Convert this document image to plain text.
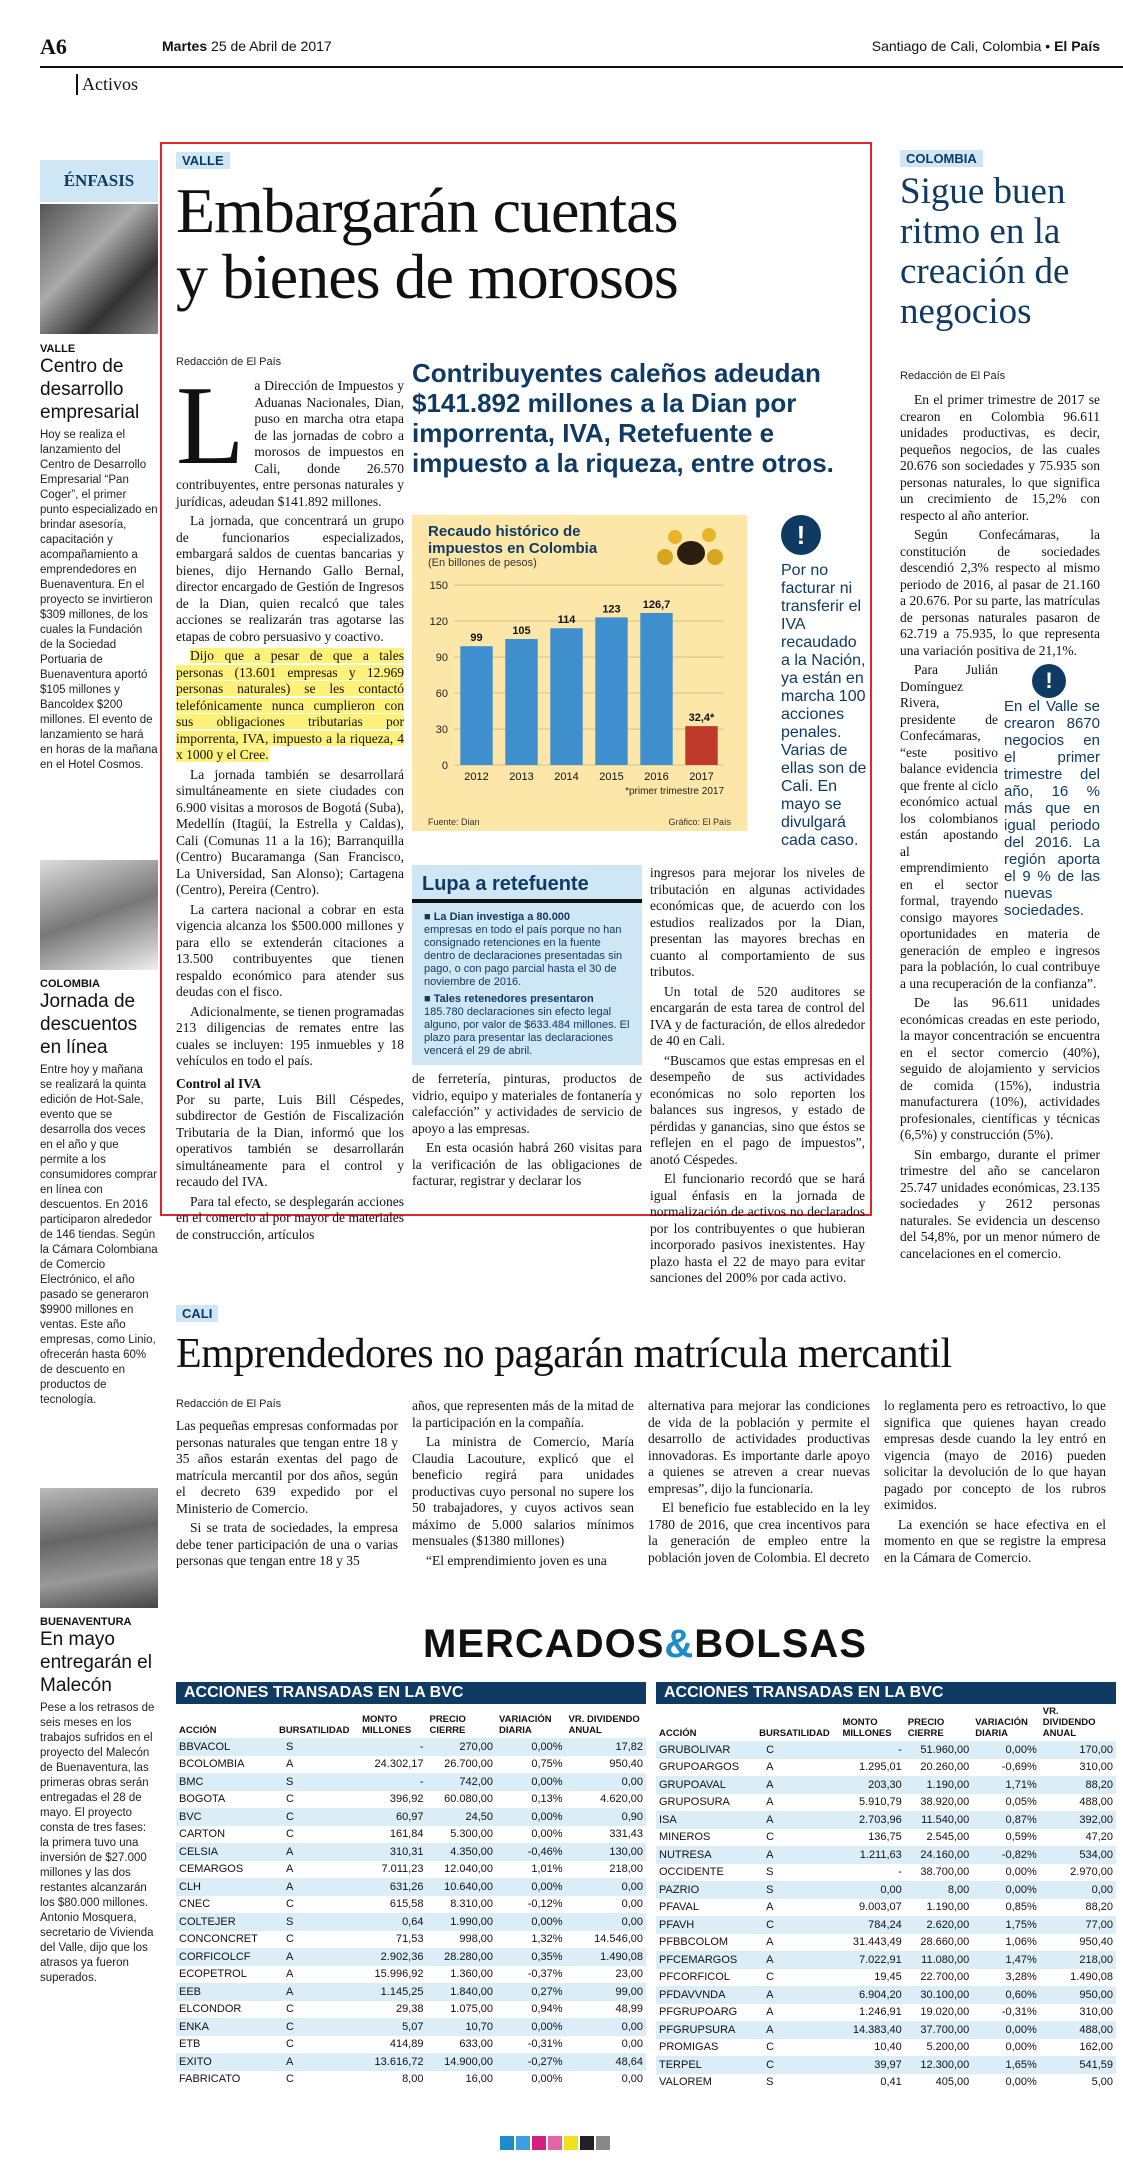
A6	Martes 25 de Abril de 2017	Santiago de Cali, Colombia • El País
Activos
ÉNFASIS
VALLE
Centro de desarrollo empresarial
Hoy se realiza el lanzamiento del Centro de Desarrollo Empresarial “Pan Coger”, el primer punto especializado en brindar asesoría, capacitación y acompañamiento a emprendedores en Buenaventura. En el proyecto se invirtieron $309 millones, de los cuales la Fundación de la Sociedad Portuaria de Buenaventura aportó $105 millones y Bancoldex $200 millones. El evento de lanzamiento se hará en horas de la mañana en el Hotel Cosmos.
COLOMBIA
Jornada de descuentos en línea
Entre hoy y mañana se realizará la quinta edición de Hot-Sale, evento que se desarrolla dos veces en el año y que permite a los consumidores comprar en línea con descuentos. En 2016 participaron alrededor de 146 tiendas. Según la Cámara Colombiana de Comercio Electrónico, el año pasado se generaron $9900 millones en ventas. Este año empresas, como Linio, ofrecerán hasta 60% de descuento en productos de tecnología.
BUENAVENTURA
En mayo entregarán el Malecón
Pese a los retrasos de seis meses en los trabajos sufridos en el proyecto del Malecón de Buenaventura, las primeras obras serán entregadas el 28 de mayo. El proyecto consta de tres fases: la primera tuvo una inversión de $27.000 millones y las dos restantes alcanzarán los $80.000 millones. Antonio Mosquera, secretario de Vivienda del Valle, dijo que los atrasos ya fueron superados.
VALLE
Embargarán cuentas
y bienes de morosos
Redacción de El País
L a Dirección de Impuestos y Aduanas Nacionales, Dian, puso en marcha otra etapa de las jornadas de cobro a morosos de impuestos en Cali, donde 26.570 contribuyentes, entre personas naturales y jurídicas, adeudan $141.892 millones.

La jornada, que concentrará un grupo de funcionarios especializados, embargará saldos de cuentas bancarias y bienes, dijo Hernando Gallo Bernal, director encargado de Gestión de Ingresos de la Dian, quien recalcó que tales acciones se realizarán tras agotarse las etapas de cobro persuasivo y coactivo.

Dijo que a pesar de que a tales personas (13.601 empresas y 12.969 personas naturales) se les contactó telefónicamente nunca cumplieron con sus obligaciones tributarias por imporrenta, IVA, impuesto a la riqueza, 4 x 1000 y el Cree.

La jornada también se desarrollará simultáneamente en siete ciudades con 6.900 visitas a morosos de Bogotá (Suba), Medellín (Itagüí, la Estrella y Caldas), Cali (Comunas 11 a la 16); Barranquilla (Centro) Bucaramanga (San Francisco, La Universidad, San Alonso); Cartagena (Centro), Pereira (Centro).

La cartera nacional a cobrar en esta vigencia alcanza los $500.000 millones y para ello se extenderán citaciones a 13.500 contribuyentes que tienen respaldo económico para atender sus deudas con el fisco.

Adicionalmente, se tienen programadas 213 diligencias de remates entre las cuales se incluyen: 195 inmuebles y 18 vehículos en todo el país.

Control al IVA

Por su parte, Luis Bill Céspedes, subdirector de Gestión de Fiscalización Tributaria de la Dian, informó que los operativos también se desarrollarán simultáneamente para el control y recaudo del IVA.

Para tal efecto, se desplegarán acciones en el comercio al por mayor de materiales de construcción, artículos

Contribuyentes caleños adeudan $141.892 millones a la Dian por imporrenta, IVA, Retefuente e impuesto a la riqueza, entre otros.
Recaudo histórico de impuestos en Colombia
(En billones de pesos)
0
30
60
90
120
150
99
2012
105
2013
114
2014
123
2015
126,7
2016
32,4*
2017
*primer trimestre 2017
Fuente: Dian	Gráfico: El País
!
Por no facturar ni transferir el IVA recaudado a la Nación, ya están en marcha 100 acciones penales. Varias de ellas son de Cali. En mayo se divulgará cada caso.
Lupa a retefuente
■ La Dian investiga a 80.000
empresas en todo el país porque no han consignado retenciones en la fuente dentro de declaraciones presentadas sin pago, o con pago parcial hasta el 30 de noviembre de 2016.
■ Tales retenedores presentaron
185.780 declaraciones sin efecto legal alguno, por valor de $633.484 millones. El plazo para presentar las declaraciones vencerá el 29 de abril.

de ferretería, pinturas, productos de vidrio, equipo y materiales de fontanería y calefacción” y actividades de servicio de apoyo a las empresas.

En esta ocasión habrá 260 visitas para la verificación de las obligaciones de facturar, registrar y declarar los

ingresos para mejorar los niveles de tributación en algunas actividades económicas que, de acuerdo con los estudios realizados por la Dian, presentan las mayores brechas en cuanto al comportamiento de sus tributos.

Un total de 520 auditores se encargarán de esta tarea de control del IVA y de facturación, de ellos alrededor de 40 en Cali.

“Buscamos que estas empresas en el desempeño de sus actividades económicas no solo reporten los balances sus ingresos, y estado de pérdidas y ganancias, sino que éstos se reflejen en el pago de impuestos”, anotó Céspedes.

El funcionario recordó que se hará igual énfasis en la jornada de normalización de activos no declarados por los contribuyentes o que hubieran incorporado pasivos inexistentes. Hay plazo hasta el 22 de mayo para evitar sanciones del 200% por cada activo.

COLOMBIA
Sigue buen ritmo en la creación de negocios
Redacción de El País

En el primer trimestre de 2017 se crearon en Colombia 96.611 unidades productivas, es decir, pequeños negocios, de las cuales 20.676 son sociedades y 75.935 son personas naturales, lo que significa un crecimiento de 15,2% con respecto al año anterior.

Según Confecámaras, la constitución de sociedades descendió 2,3% respecto al mismo periodo de 2016, al pasar de 21.160 a 20.676. Por su parte, las matrículas de personas naturales pasaron de 62.719 a 75.935, lo que representa una variación positiva de 21,1%.

!
En el Valle se crearon 8670 negocios en el primer trimestre del año, 16 % más que en igual periodo del 2016. La región aporta el 9 % de las nuevas sociedades.

Para Julián Domínguez Rivera, presidente de Confecámaras, “este positivo balance evidencia que frente al ciclo económico actual los colombianos están apostando al emprendimiento en el sector formal, trayendo consigo mayores oportunidades en materia de generación de empleo e ingresos para la población, lo cual contribuye a una recuperación de la confianza”.

De las 96.611 unidades económicas creadas en este periodo, la mayor concentración se encuentra en el sector comercio (40%), seguido de alojamiento y servicios de comida (15%), industria manufacturera (10%), actividades profesionales, científicas y técnicas (6,5%) y construcción (5%).

Sin embargo, durante el primer trimestre del año se cancelaron 25.747 unidades económicas, 23.135 sociedades y 2612 personas naturales. Se evidencia un descenso del 54,8%, por un menor número de cancelaciones en el comercio.

CALI
Emprendedores no pagarán matrícula mercantil
Redacción de El País

Las pequeñas empresas conformadas por personas naturales que tengan entre 18 y 35 años estarán exentas del pago de matrícula mercantil por dos años, según el decreto 639 expedido por el Ministerio de Comercio.

Si se trata de sociedades, la empresa debe tener participación de una o varias personas que tengan entre 18 y 35

años, que representen más de la mitad de la participación en la compañía.

La ministra de Comercio, María Claudia Lacouture, explicó que el beneficio regirá para unidades productivas cuyo personal no supere los 50 trabajadores, y cuyos activos sean máximo de 5.000 salarios mínimos mensuales ($1380 millones)

“El emprendimiento joven es una

alternativa para mejorar las condiciones de vida de la población y permite el desarrollo de actividades productivas innovadoras. Es importante darle apoyo a quienes se atreven a crear nuevas empresas”, dijo la funcionaria.

El beneficio fue establecido en la ley 1780 de 2016, que crea incentivos para la generación de empleo entre la población joven de Colombia. El decreto

lo reglamenta pero es retroactivo, lo que significa que quienes hayan creado empresas desde cuando la ley entró en vigencia (mayo de 2016) pueden solicitar la devolución de lo que hayan pagado por concepto de los rubros eximidos.

La exención se hace efectiva en el momento en que se registre la empresa en la Cámara de Comercio.

MERCADOS&BOLSAS
ACCIONES TRANSADAS EN LA BVC
ACCIÓN	BURSATILIDAD	MONTO MILLONES	PRECIO CIERRE	VARIACIÓN DIARIA	VR. DIVIDENDO ANUAL
BBVACOL	S	-	270,00	0,00%	17,82
BCOLOMBIA	A	24.302,17	26.700,00	0,75%	950,40
BMC	S	-	742,00	0,00%	0,00
BOGOTA	C	396,92	60.080,00	0,13%	4.620,00
BVC	C	60,97	24,50	0,00%	0,90
CARTON	C	161,84	5.300,00	0,00%	331,43
CELSIA	A	310,31	4.350,00	-0,46%	130,00
CEMARGOS	A	7.011,23	12.040,00	1,01%	218,00
CLH	A	631,26	10.640,00	0,00%	0,00
CNEC	C	615,58	8.310,00	-0,12%	0,00
COLTEJER	S	0,64	1.990,00	0,00%	0,00
CONCONCRET	C	71,53	998,00	1,32%	14.546,00
CORFICOLCF	A	2.902,36	28.280,00	0,35%	1.490,08
ECOPETROL	A	15.996,92	1.360,00	-0,37%	23,00
EEB	A	1.145,25	1.840,00	0,27%	99,00
ELCONDOR	C	29,38	1.075,00	0,94%	48,99
ENKA	C	5,07	10,70	0,00%	0,00
ETB	C	414,89	633,00	-0,31%	0,00
EXITO	A	13.616,72	14.900,00	-0,27%	48,64
FABRICATO	C	8,00	16,00	0,00%	0,00
ACCIONES TRANSADAS EN LA BVC
ACCIÓN	BURSATILIDAD	MONTO MILLONES	PRECIO CIERRE	VARIACIÓN DIARIA	VR. DIVIDENDO ANUAL
GRUBOLIVAR	C	-	51.960,00	0,00%	170,00
GRUPOARGOS	A	1.295,01	20.260,00	-0,69%	310,00
GRUPOAVAL	A	203,30	1.190,00	1,71%	88,20
GRUPOSURA	A	5.910,79	38.920,00	0,05%	488,00
ISA	A	2.703,96	11.540,00	0,87%	392,00
MINEROS	C	136,75	2.545,00	0,59%	47,20
NUTRESA	A	1.211,63	24.160,00	-0,82%	534,00
OCCIDENTE	S	-	38.700,00	0,00%	2.970,00
PAZRIO	S	0,00	8,00	0,00%	0,00
PFAVAL	A	9.003,07	1.190,00	0,85%	88,20
PFAVH	C	784,24	2.620,00	1,75%	77,00
PFBBCOLOM	A	31.443,49	28.660,00	1,06%	950,40
PFCEMARGOS	A	7.022,91	11.080,00	1,47%	218,00
PFCORFICOL	C	19,45	22.700,00	3,28%	1.490,08
PFDAVVNDA	A	6.904,20	30.100,00	0,60%	950,00
PFGRUPOARG	A	1.246,91	19.020,00	-0,31%	310,00
PFGRUPSURA	A	14.383,40	37.700,00	0,00%	488,00
PROMIGAS	C	10,40	5.200,00	0,00%	162,00
TERPEL	C	39,97	12.300,00	1,65%	541,59
VALOREM	S	0,41	405,00	0,00%	5,00
